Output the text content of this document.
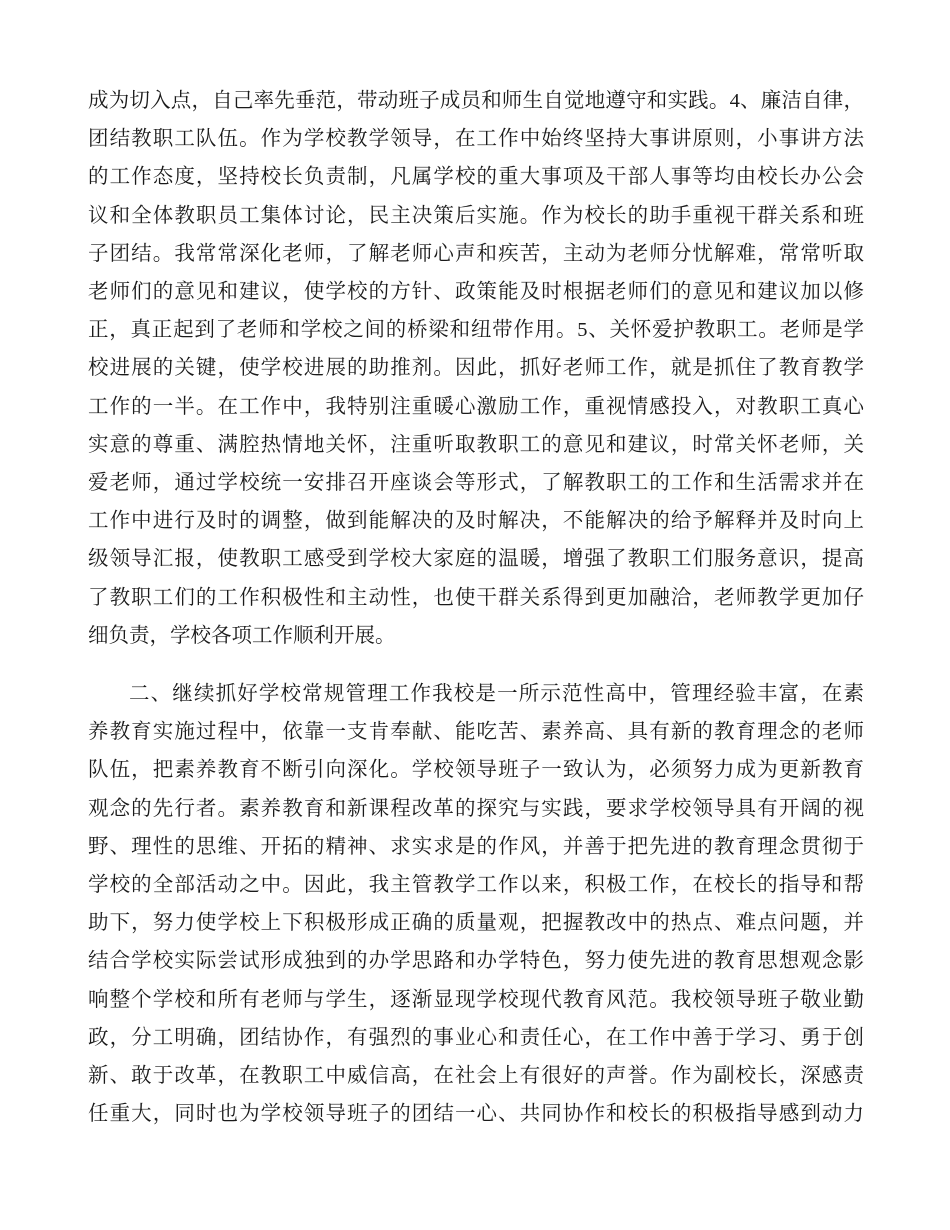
成为切入点，自己率先垂范，带动班子成员和师生自觉地遵守和实践。4、廉洁自律，
团结教职工队伍。作为学校教学领导，在工作中始终坚持大事讲原则，小事讲方法
的工作态度，坚持校长负责制，凡属学校的重大事项及干部人事等均由校长办公会
议和全体教职员工集体讨论，民主决策后实施。作为校长的助手重视干群关系和班
子团结。我常常深化老师，了解老师心声和疾苦，主动为老师分忧解难，常常听取
老师们的意见和建议，使学校的方针、政策能及时根据老师们的意见和建议加以修
正，真正起到了老师和学校之间的桥梁和纽带作用。5、关怀爱护教职工。老师是学
校进展的关键，使学校进展的助推剂。因此，抓好老师工作，就是抓住了教育教学
工作的一半。在工作中，我特别注重暖心激励工作，重视情感投入，对教职工真心
实意的尊重、满腔热情地关怀，注重听取教职工的意见和建议，时常关怀老师，关
爱老师，通过学校统一安排召开座谈会等形式，了解教职工的工作和生活需求并在
工作中进行及时的调整，做到能解决的及时解决，不能解决的给予解释并及时向上
级领导汇报，使教职工感受到学校大家庭的温暖，增强了教职工们服务意识，提高
了教职工们的工作积极性和主动性，也使干群关系得到更加融洽，老师教学更加仔
细负责，学校各项工作顺利开展。
二、继续抓好学校常规管理工作我校是一所示范性高中，管理经验丰富，在素
养教育实施过程中，依靠一支肯奉献、能吃苦、素养高、具有新的教育理念的老师
队伍，把素养教育不断引向深化。学校领导班子一致认为，必须努力成为更新教育
观念的先行者。素养教育和新课程改革的探究与实践，要求学校领导具有开阔的视
野、理性的思维、开拓的精神、求实求是的作风，并善于把先进的教育理念贯彻于
学校的全部活动之中。因此，我主管教学工作以来，积极工作，在校长的指导和帮
助下，努力使学校上下积极形成正确的质量观，把握教改中的热点、难点问题，并
结合学校实际尝试形成独到的办学思路和办学特色，努力使先进的教育思想观念影
响整个学校和所有老师与学生，逐渐显现学校现代教育风范。我校领导班子敬业勤
政，分工明确，团结协作，有强烈的事业心和责任心，在工作中善于学习、勇于创
新、敢于改革，在教职工中威信高，在社会上有很好的声誉。作为副校长，深感责
任重大，同时也为学校领导班子的团结一心、共同协作和校长的积极指导感到动力
